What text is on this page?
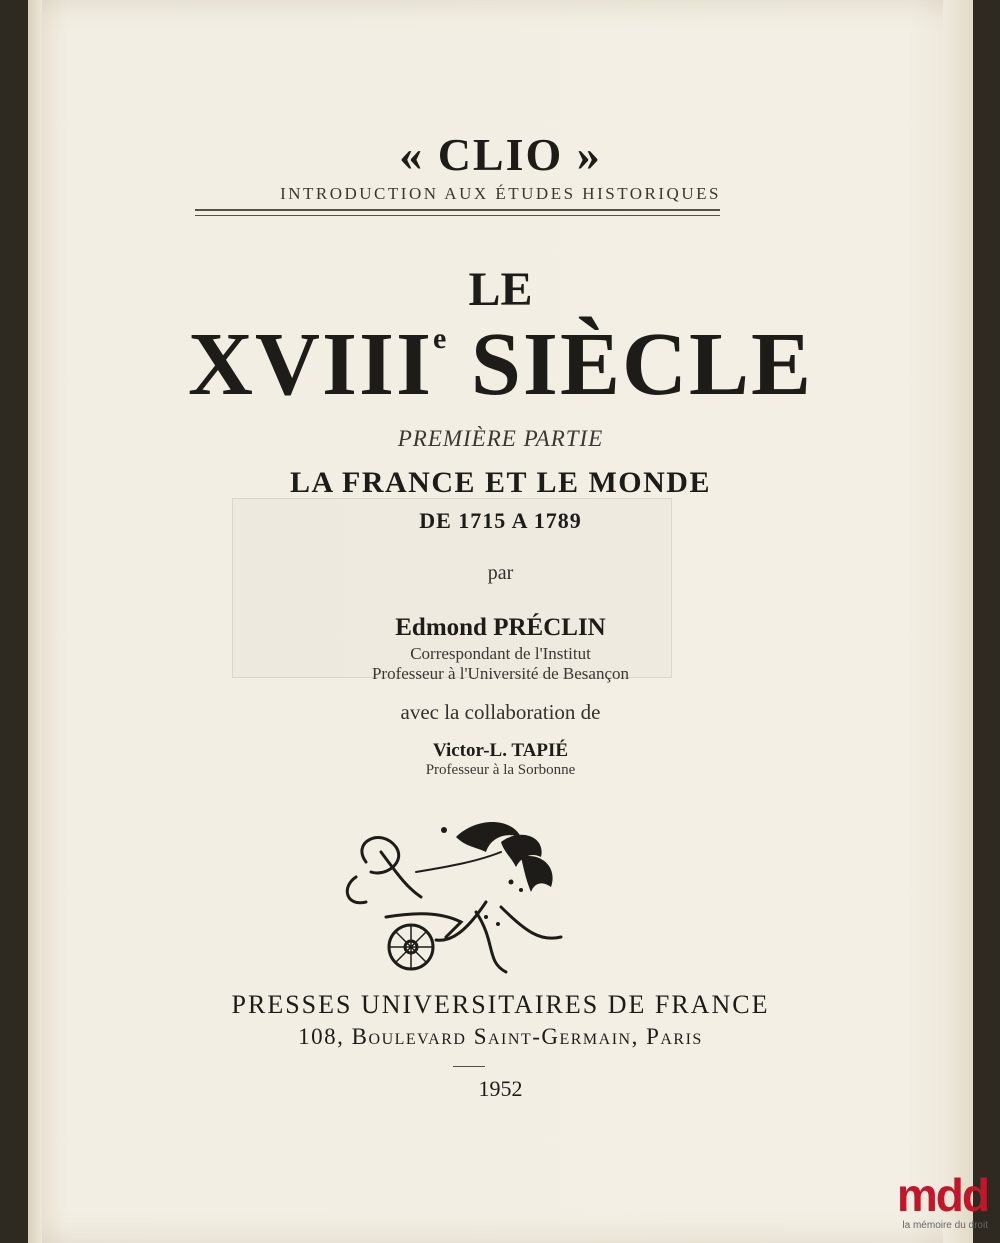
« CLIO »
INTRODUCTION AUX ÉTUDES HISTORIQUES
LE
XVIIIe SIÈCLE
PREMIÈRE PARTIE
LA FRANCE ET LE MONDE
DE 1715 A 1789
par
Edmond PRÉCLIN
Correspondant de l'Institut
Professeur à l'Université de Besançon
avec la collaboration de
Victor-L. TAPIÉ
Professeur à la Sorbonne
PRESSES UNIVERSITAIRES DE FRANCE
108, Boulevard Saint-Germain, Paris
1952
mdd
la mémoire du droit
